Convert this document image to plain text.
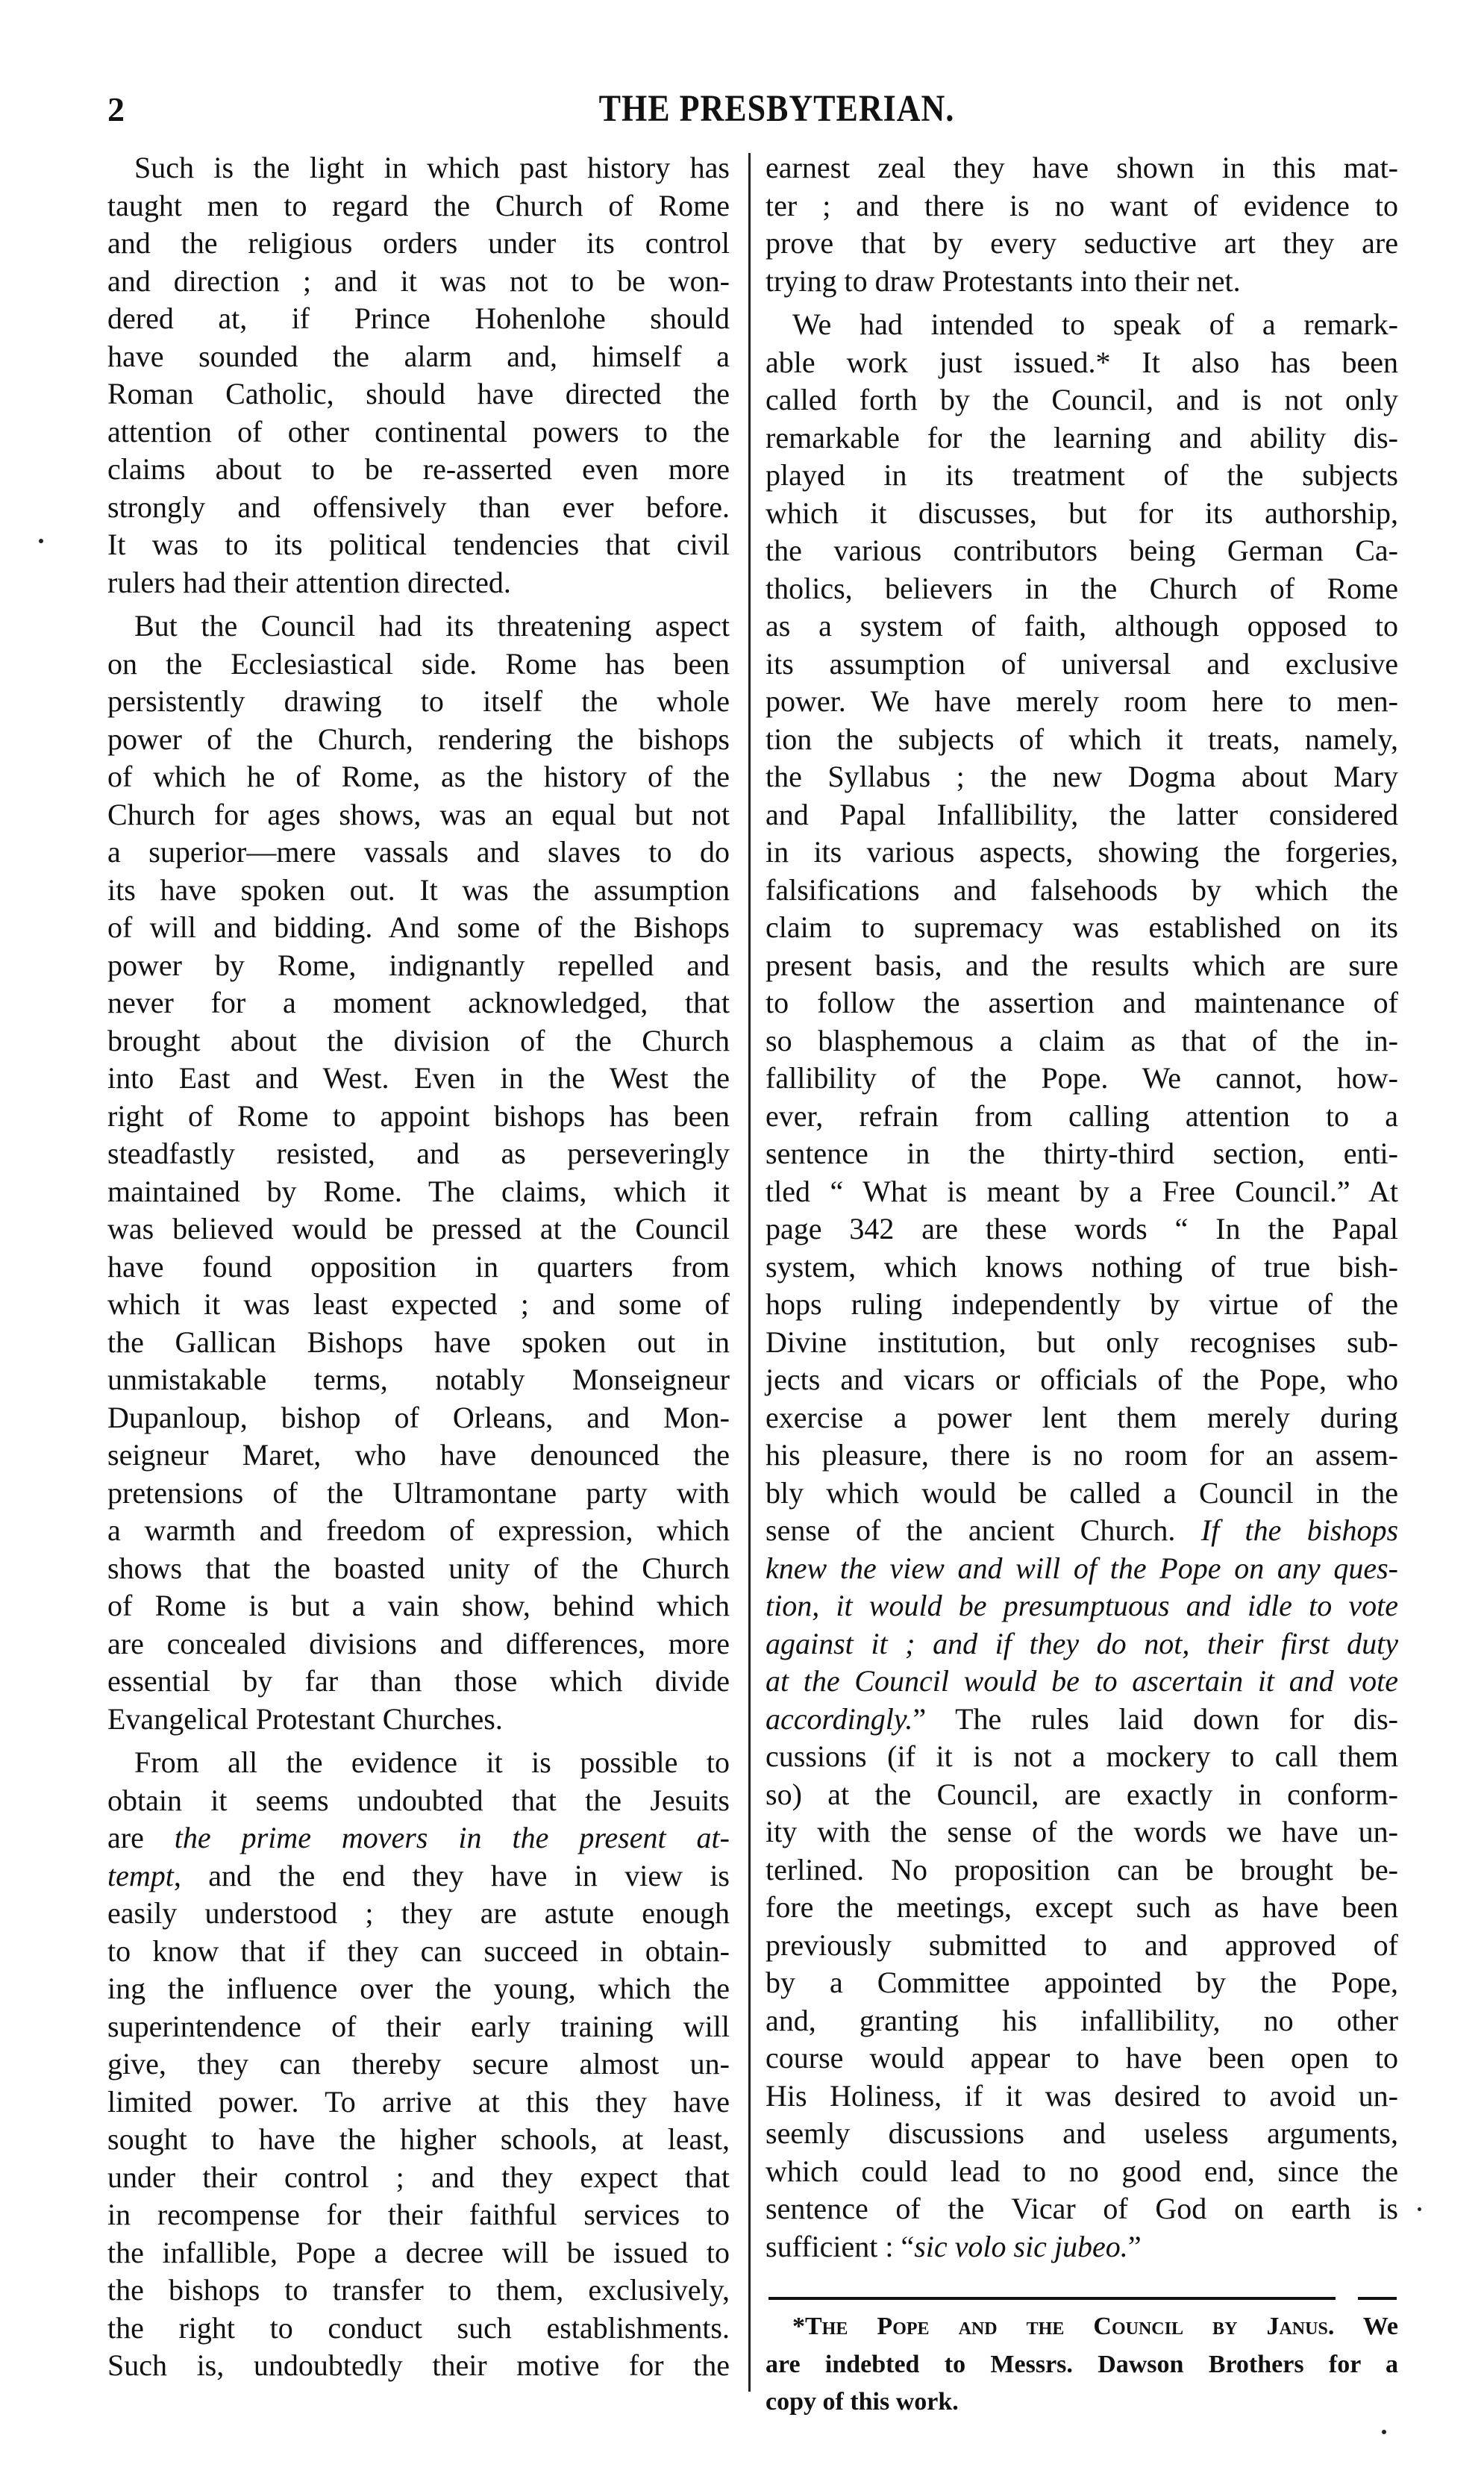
2	THE PRESBYTERIAN.
Such is the light in which past history has
taught men to regard the Church of Rome
and the religious orders under its control
and direction ; and it was not to be won-
dered at, if Prince Hohenlohe should
have sounded the alarm and, himself a
Roman Catholic, should have directed the
attention of other continental powers to the
claims about to be re-asserted even more
strongly and offensively than ever before.
It was to its political tendencies that civil
rulers had their attention directed.
But the Council had its threatening aspect
on the Ecclesiastical side. Rome has been
persistently drawing to itself the whole
power of the Church, rendering the bishops
of which he of Rome, as the history of the
Church for ages shows, was an equal but not
a superior—mere vassals and slaves to do
its have spoken out. It was the assumption
of will and bidding. And some of the Bishops
power by Rome, indignantly repelled and
never for a moment acknowledged, that
brought about the division of the Church
into East and West. Even in the West the
right of Rome to appoint bishops has been
steadfastly resisted, and as perseveringly
maintained by Rome. The claims, which it
was believed would be pressed at the Council
have found opposition in quarters from
which it was least expected ; and some of
the Gallican Bishops have spoken out in
unmistakable terms, notably Monseigneur
Dupanloup, bishop of Orleans, and Mon-
seigneur Maret, who have denounced the
pretensions of the Ultramontane party with
a warmth and freedom of expression, which
shows that the boasted unity of the Church
of Rome is but a vain show, behind which
are concealed divisions and differences, more
essential by far than those which divide
Evangelical Protestant Churches.
From all the evidence it is possible to
obtain it seems undoubted that the Jesuits
are the prime movers in the present at-
tempt, and the end they have in view is
easily understood ; they are astute enough
to know that if they can succeed in obtain-
ing the influence over the young, which the
superintendence of their early training will
give, they can thereby secure almost un-
limited power. To arrive at this they have
sought to have the higher schools, at least,
under their control ; and they expect that
in recompense for their faithful services to
the infallible, Pope a decree will be issued to
the bishops to transfer to them, exclusively,
the right to conduct such establishments.
Such is, undoubtedly their motive for the
earnest zeal they have shown in this mat-
ter ; and there is no want of evidence to
prove that by every seductive art they are
trying to draw Protestants into their net.
We had intended to speak of a remark-
able work just issued.* It also has been
called forth by the Council, and is not only
remarkable for the learning and ability dis-
played in its treatment of the subjects
which it discusses, but for its authorship,
the various contributors being German Ca-
tholics, believers in the Church of Rome
as a system of faith, although opposed to
its assumption of universal and exclusive
power. We have merely room here to men-
tion the subjects of which it treats, namely,
the Syllabus ; the new Dogma about Mary
and Papal Infallibility, the latter considered
in its various aspects, showing the forgeries,
falsifications and falsehoods by which the
claim to supremacy was established on its
present basis, and the results which are sure
to follow the assertion and maintenance of
so blasphemous a claim as that of the in-
fallibility of the Pope. We cannot, how-
ever, refrain from calling attention to a
sentence in the thirty-third section, enti-
tled “ What is meant by a Free Council.” At
page 342 are these words “ In the Papal
system, which knows nothing of true bish-
hops ruling independently by virtue of the
Divine institution, but only recognises sub-
jects and vicars or officials of the Pope, who
exercise a power lent them merely during
his pleasure, there is no room for an assem-
bly which would be called a Council in the
sense of the ancient Church. If the bishops
knew the view and will of the Pope on any ques-
tion, it would be presumptuous and idle to vote
against it ; and if they do not, their first duty
at the Council would be to ascertain it and vote
accordingly.” The rules laid down for dis-
cussions (if it is not a mockery to call them
so) at the Council, are exactly in conform-
ity with the sense of the words we have un-
terlined. No proposition can be brought be-
fore the meetings, except such as have been
previously submitted to and approved of
by a Committee appointed by the Pope,
and, granting his infallibility, no other
course would appear to have been open to
His Holiness, if it was desired to avoid un-
seemly discussions and useless arguments,
which could lead to no good end, since the
sentence of the Vicar of God on earth is
sufficient : “sic volo sic jubeo.”
*The Pope and the Council by Janus. We
are indebted to Messrs. Dawson Brothers for a
copy of this work.
